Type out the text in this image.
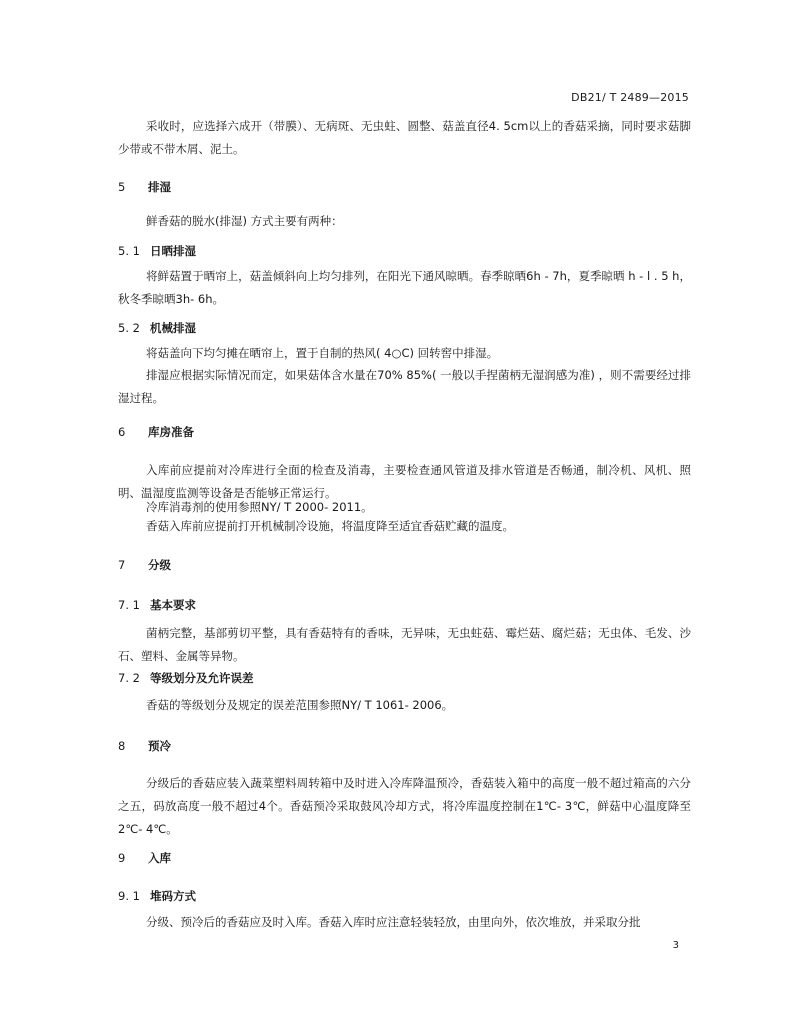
DB21/ T 2489—2015

采收时，应选择六成开（带膜）、无病斑、无虫蛀、圆整、菇盖直径4. 5cm以上的香菇采摘，同时要求菇脚少带或不带木屑、泥土。

5 排湿

鲜香菇的脱水(排湿) 方式主要有两种：

5. 1 日晒排湿

将鲜菇置于晒帘上，菇盖倾斜向上均匀排列，在阳光下通风晾晒。春季晾晒6h - 7h，夏季晾晒 h - l . 5 h，秋冬季晾晒3h- 6h。

5. 2 机械排湿

将菇盖向下均匀摊在晒帘上，置于自制的热风( 4○C) 回转窖中排湿。

排湿应根据实际情况而定，如果菇体含水量在70% 85%( 一般以手捏菌柄无湿润感为准) ，则不需要经过排湿过程。

6 库房准备

入库前应提前对冷库进行全面的检查及消毒，主要检查通风管道及排水管道是否畅通，制冷机、风机、照明、温湿度监测等设备是否能够正常运行。

冷库消毒剂的使用参照NY/ T 2000- 2011。

香菇入库前应提前打开机械制冷设施，将温度降至适宜香菇贮藏的温度。

7 分级
7. 1 基本要求

菌柄完整，基部剪切平整，具有香菇特有的香味，无异味，无虫蛀菇、霉烂菇、腐烂菇；无虫体、毛发、沙石、塑料、金属等异物。

7. 2 等级划分及允许误差

香菇的等级划分及规定的误差范围参照NY/ T 1061- 2006。

8 预冷

分级后的香菇应装入蔬菜塑料周转箱中及时进入冷库降温预冷，香菇装入箱中的高度一般不超过箱高的六分之五，码放高度一般不超过4个。香菇预冷采取鼓风冷却方式，将冷库温度控制在1℃- 3℃，鲜菇中心温度降至2℃- 4℃。

9 入库
9. 1 堆码方式

分级、预冷后的香菇应及时入库。香菇入库时应注意轻装轻放，由里向外，依次堆放，并采取分批

3
